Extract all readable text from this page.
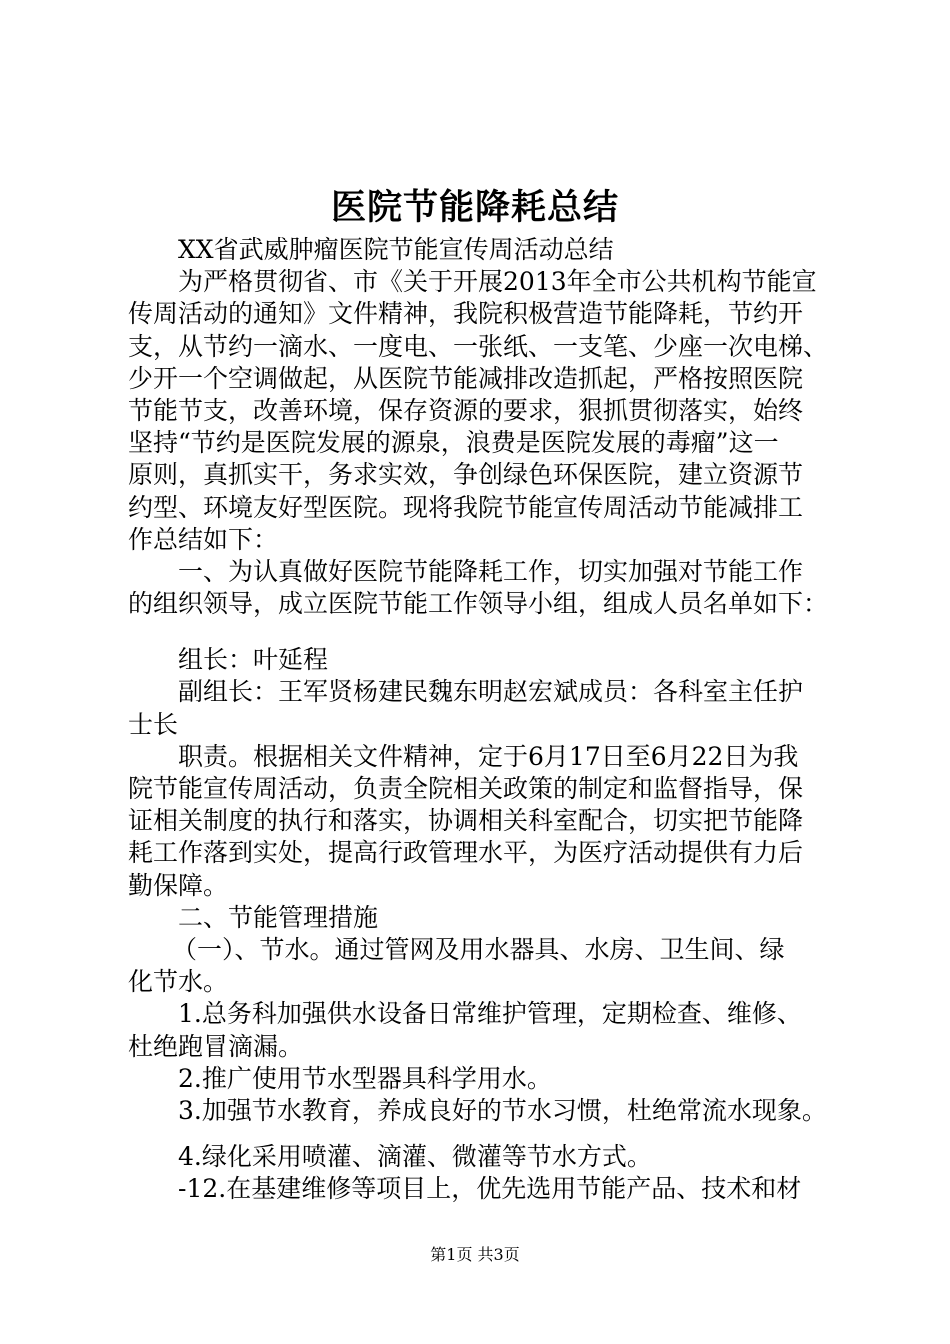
医院节能降耗总结
XX省武威肿瘤医院节能宣传周活动总结
为严格贯彻省、市《关于开展2013年全市公共机构节能宣
传周活动的通知》文件精神，我院积极营造节能降耗，节约开
支，从节约一滴水、一度电、一张纸、一支笔、少座一次电梯、
少开一个空调做起，从医院节能减排改造抓起，严格按照医院
节能节支，改善环境，保存资源的要求，狠抓贯彻落实，始终
坚持“节约是医院发展的源泉，浪费是医院发展的毒瘤”这一
原则，真抓实干，务求实效，争创绿色环保医院，建立资源节
约型、环境友好型医院。现将我院节能宣传周活动节能减排工
作总结如下：
一、为认真做好医院节能降耗工作，切实加强对节能工作
的组织领导，成立医院节能工作领导小组，组成人员名单如下：
组长：叶延程
副组长：王军贤杨建民魏东明赵宏斌成员：各科室主任护
士长
职责。根据相关文件精神，定于6月17日至6月22日为我
院节能宣传周活动，负责全院相关政策的制定和监督指导，保
证相关制度的执行和落实，协调相关科室配合，切实把节能降
耗工作落到实处，提高行政管理水平，为医疗活动提供有力后
勤保障。
二、节能管理措施
（一）、节水。通过管网及用水器具、水房、卫生间、绿
化节水。
1.总务科加强供水设备日常维护管理，定期检查、维修、
杜绝跑冒滴漏。
2.推广使用节水型器具科学用水。
3.加强节水教育，养成良好的节水习惯，杜绝常流水现象。
4.绿化采用喷灌、滴灌、微灌等节水方式。
-12.在基建维修等项目上，优先选用节能产品、技术和材
第1页 共3页
